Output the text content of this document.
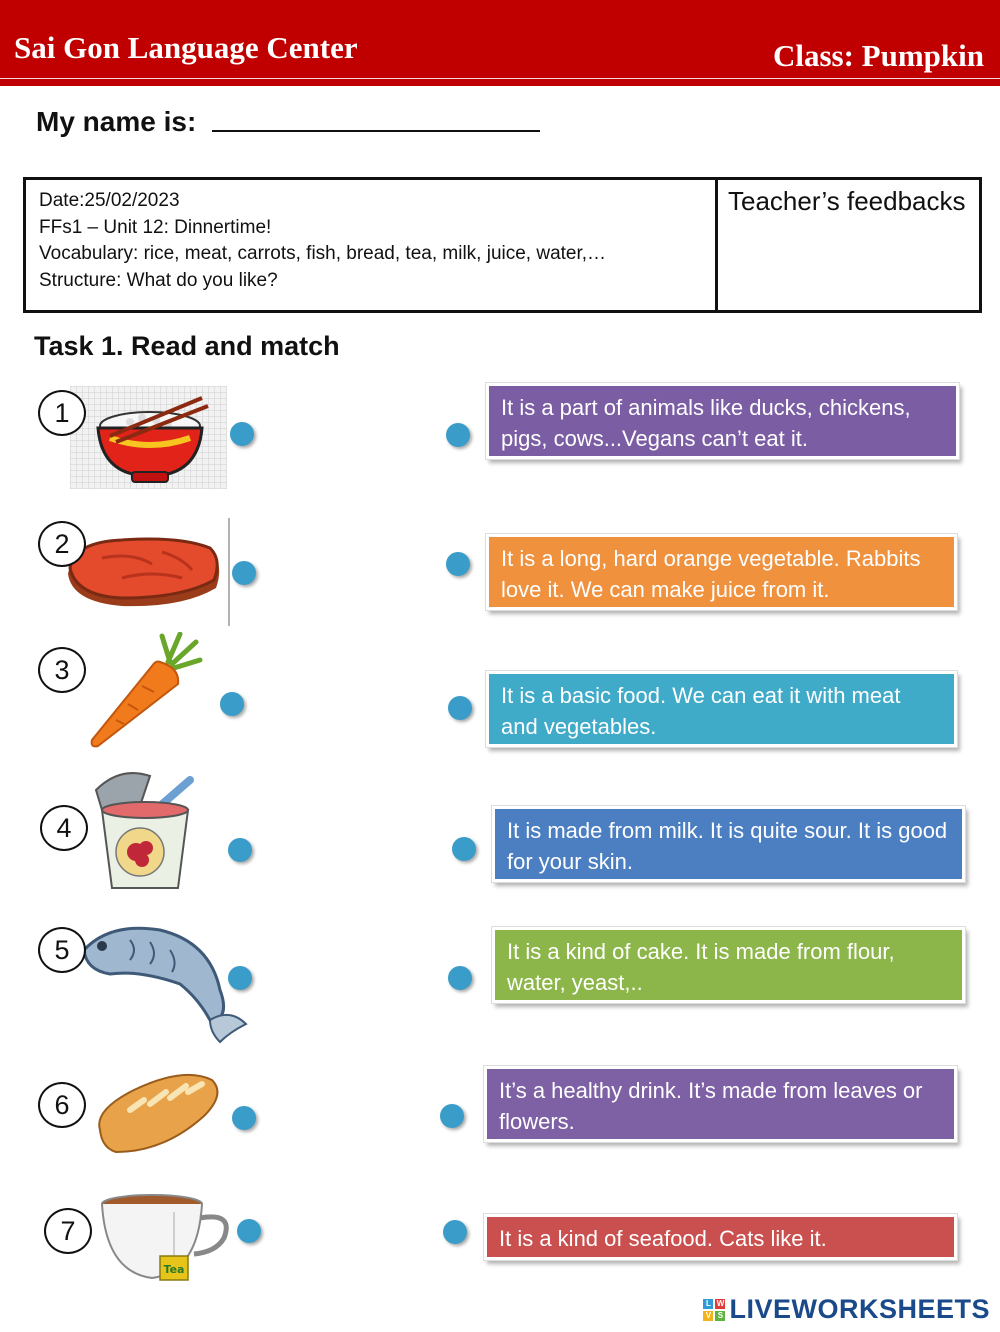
Sai Gon Language Center	Class: Pumpkin
My name is:
Date:25/02/2023
FFs1 – Unit 12: Dinnertime!
Vocabulary: rice, meat, carrots, fish, bread, tea, milk, juice, water,…
Structure: What do you like?
Teacher’s feedbacks
Task 1. Read and match
1
2
3
4
5
6
Tea
7
It is a part of animals like ducks, chickens, pigs, cows...Vegans can’t eat it.
It is a long, hard orange vegetable. Rabbits love it. We can make juice from it.
It is a basic food. We can eat it with meat and vegetables.
It is made from milk. It is quite sour. It is good for your skin.
It is a kind of cake. It is made from flour, water, yeast,..
It’s a healthy drink. It’s made from leaves or flowers.
It is a kind of seafood. Cats like it.
L W
V S LIVEWORKSHEETS
